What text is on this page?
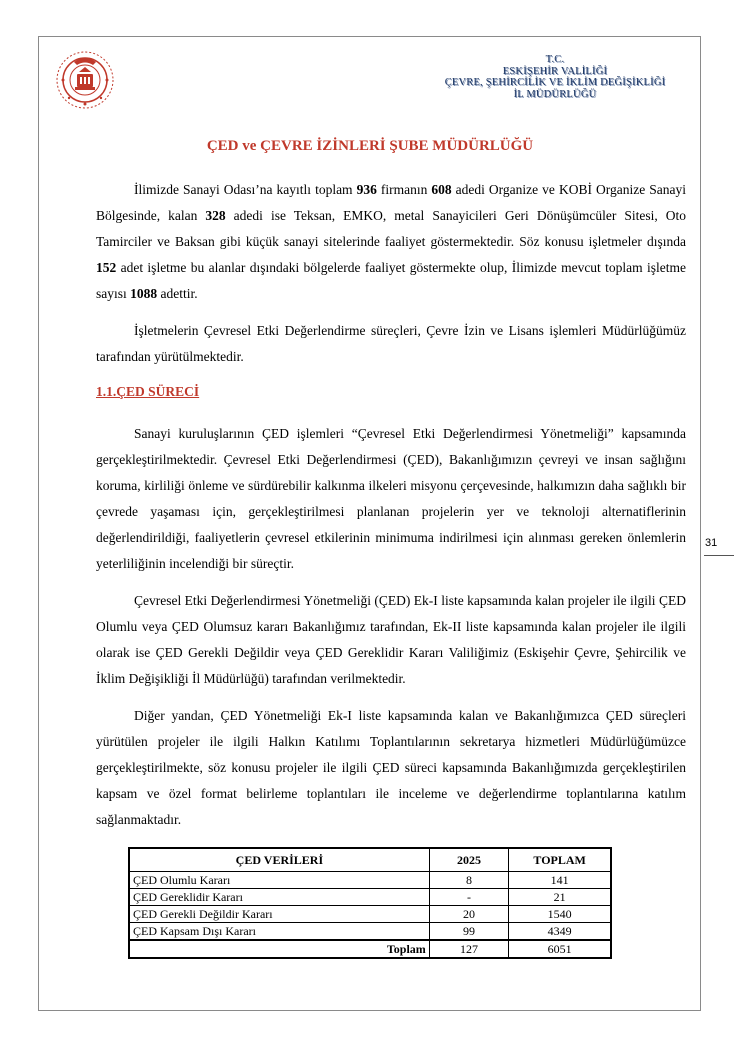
T.C.
ESKİŞEHİR VALİLİĞİ
ÇEVRE, ŞEHİRCİLİK VE İKLİM DEĞİŞİKLİĞİ
İL MÜDÜRLÜĞÜ
ÇED ve ÇEVRE İZİNLERİ ŞUBE MÜDÜRLÜĞÜ

İlimizde Sanayi Odası’na kayıtlı toplam 936 firmanın 608 adedi Organize ve KOBİ Organize Sanayi Bölgesinde, kalan 328 adedi ise Teksan, EMKO, metal Sanayicileri Geri Dönüşümcüler Sitesi, Oto Tamirciler ve Baksan gibi küçük sanayi sitelerinde faaliyet göstermektedir. Söz konusu işletmeler dışında 152 adet işletme bu alanlar dışındaki bölgelerde faaliyet göstermekte olup, İlimizde mevcut toplam işletme sayısı 1088 adettir.

İşletmelerin Çevresel Etki Değerlendirme süreçleri, Çevre İzin ve Lisans işlemleri Müdürlüğümüz tarafından yürütülmektedir.

1.1.ÇED SÜRECİ

Sanayi kuruluşlarının ÇED işlemleri “Çevresel Etki Değerlendirmesi Yönetmeliği” kapsamında gerçekleştirilmektedir. Çevresel Etki Değerlendirmesi (ÇED), Bakanlığımızın çevreyi ve insan sağlığını koruma, kirliliği önleme ve sürdürebilir kalkınma ilkeleri misyonu çerçevesinde, halkımızın daha sağlıklı bir çevrede yaşaması için, gerçekleştirilmesi planlanan projelerin yer ve teknoloji alternatiflerinin değerlendirildiği, faaliyetlerin çevresel etkilerinin minimuma indirilmesi için alınması gereken önlemlerin yeterliliğinin incelendiği bir süreçtir.

Çevresel Etki Değerlendirmesi Yönetmeliği (ÇED) Ek-I liste kapsamında kalan projeler ile ilgili ÇED Olumlu veya ÇED Olumsuz kararı Bakanlığımız tarafından, Ek-II liste kapsamında kalan projeler ile ilgili olarak ise ÇED Gerekli Değildir veya ÇED Gereklidir Kararı Valiliğimiz (Eskişehir Çevre, Şehircilik ve İklim Değişikliği İl Müdürlüğü) tarafından verilmektedir.

Diğer yandan, ÇED Yönetmeliği Ek-I liste kapsamında kalan ve Bakanlığımızca ÇED süreçleri yürütülen projeler ile ilgili Halkın Katılımı Toplantılarının sekretarya hizmetleri Müdürlüğümüzce gerçekleştirilmekte, söz konusu projeler ile ilgili ÇED süreci kapsamında Bakanlığımızda gerçekleştirilen kapsam ve özel format belirleme toplantıları ile inceleme ve değerlendirme toplantılarına katılım sağlanmaktadır.

31
ÇED VERİLERİ	2025	TOPLAM
ÇED Olumlu Kararı	8	141
ÇED Gereklidir Kararı	-	21
ÇED Gerekli Değildir Kararı	20	1540
ÇED Kapsam Dışı Kararı	99	4349
Toplam	127	6051
